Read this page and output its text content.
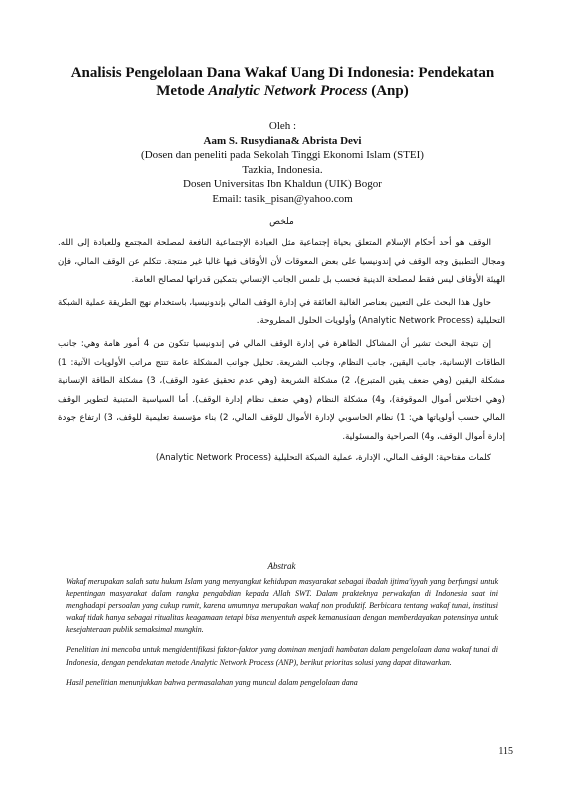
Analisis Pengelolaan Dana Wakaf Uang Di Indonesia: Pendekatan
Metode Analytic Network Process (Anp)
Oleh :
Aam S. Rusydiana& Abrista Devi
(Dosen dan peneliti pada Sekolah Tinggi Ekonomi Islam (STEI)
Tazkia, Indonesia.
Dosen Universitas Ibn Khaldun (UIK) Bogor
Email: tasik_pisan@yahoo.com
ملخص

الوقف هو أحد أحكام الإسلام المتعلق بحياة إجتماعية مثل العبادة الإجتماعية النافعة لمصلحة المجتمع وللعبادة إلى الله. ومجال التطبيق وجه الوقف في إندونيسيا على بعض المعوقات لأن الأوقاف فيها غالبا غير منتجة. تتكلم عن الوقف المالي، فإن الهيئة الأوقاف ليس فقط لمصلحة الدينية فحسب بل تلمس الجانب الإنساني بتمكين قدراتها لمصالح العامة.

حاول هذا البحث على التعيين بعناصر الغالبة العائقة في إدارة الوقف المالي بإندونيسيا، باستخدام نهج الطريقة عملية الشبكة التحليلية (Analytic Network Process) وأولويات الحلول المطروحة.

إن نتيجة البحث تشير أن المشاكل الظاهرة في إدارة الوقف المالي في إندونيسيا تتكون من 4 أمور هامة وهي: جانب الطاقات الإنسانية، جانب اليقين، جانب النظام، وجانب الشريعة. تحليل جوانب المشكلة عامة تنتج مراتب الأولويات الآتية: 1) مشكلة اليقين (وهي ضعف يقين المتبرع)، 2) مشكلة الشريعة (وهي عدم تحقيق عقود الوقف)، 3) مشكلة الطاقة الإنسانية (وهي اختلاس أموال الموقوفة)، و4) مشكلة النظام (وهي ضعف نظام إدارة الوقف). أما السياسية المتبنية لتطوير الوقف المالي حسب أولوياتها هي: 1) نظام الحاسوبي لإدارة الأموال للوقف المالي، 2) بناء مؤسسة تعليمية للوقف، 3) ارتفاع جودة إدارة أموال الوقف، و4) الصراحية والمسئولية.

كلمات مفتاحية: الوقف المالي، الإدارة، عملية الشبكة التحليلية (Analytic Network Process)

Abstrak

Wakaf merupakan salah satu hukum Islam yang menyangkut kehidupan masyarakat sebagai ibadah ijtima'iyyah yang berfungsi untuk kepentingan masyarakat dalam rangka pengabdian kepada Allah SWT. Dalam prakteknya perwakafan di Indonesia saat ini menghadapi persoalan yang cukup rumit, karena umumnya merupakan wakaf non produktif. Berbicara tentang wakaf tunai, institusi wakaf tidak hanya sebagai ritualitas keagamaan tetapi bisa menyentuh aspek kemanusiaan dengan memberdayakan potensinya untuk kesejahteraan publik semaksimal mungkin.

Penelitian ini mencoba untuk mengidentifikasi faktor-faktor yang dominan menjadi hambatan dalam pengelolaan dana wakaf tunai di Indonesia, dengan pendekatan metode Analytic Network Process (ANP), berikut prioritas solusi yang dapat ditawarkan.

Hasil penelitian menunjukkan bahwa permasalahan yang muncul dalam pengelolaan dana

115
